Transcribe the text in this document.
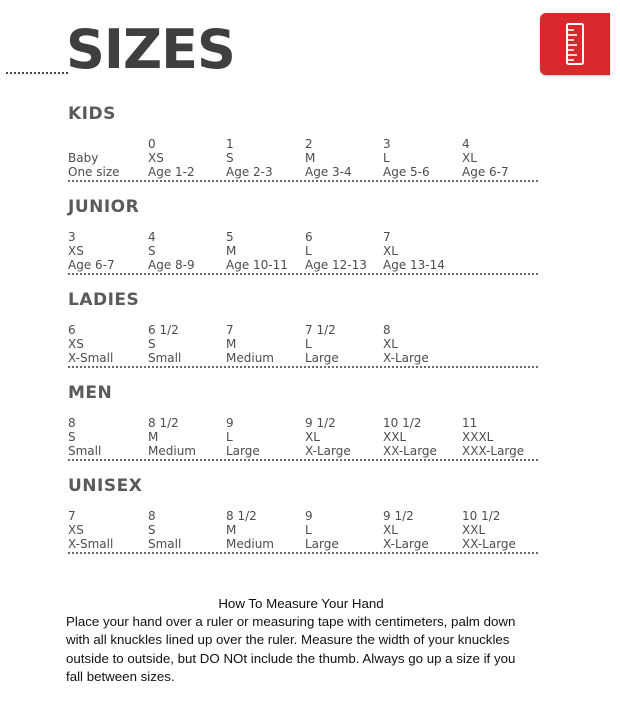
SIZES
KIDS
Baby
One size
0
XS
Age 1-2
1
S
Age 2-3
2
M
Age 3-4
3
L
Age 5-6
4
XL
Age 6-7
JUNIOR
3
XS
Age 6-7
4
S
Age 8-9
5
M
Age 10-11
6
L
Age 12-13
7
XL
Age 13-14
LADIES
6
XS
X-Small
6 1/2
S
Small
7
M
Medium
7 1/2
L
Large
8
XL
X-Large
MEN
8
S
Small
8 1/2
M
Medium
9
L
Large
9 1/2
XL
X-Large
10 1/2
XXL
XX-Large
11
XXXL
XXX-Large
UNISEX
7
XS
X-Small
8
S
Small
8 1/2
M
Medium
9
L
Large
9 1/2
XL
X-Large
10 1/2
XXL
XX-Large
How To Measure Your Hand
Place your hand over a ruler or measuring tape with centimeters, palm down with all knuckles lined up over the ruler. Measure the width of your knuckles outside to outside, but DO NOt include the thumb. Always go up a size if you fall between sizes.
